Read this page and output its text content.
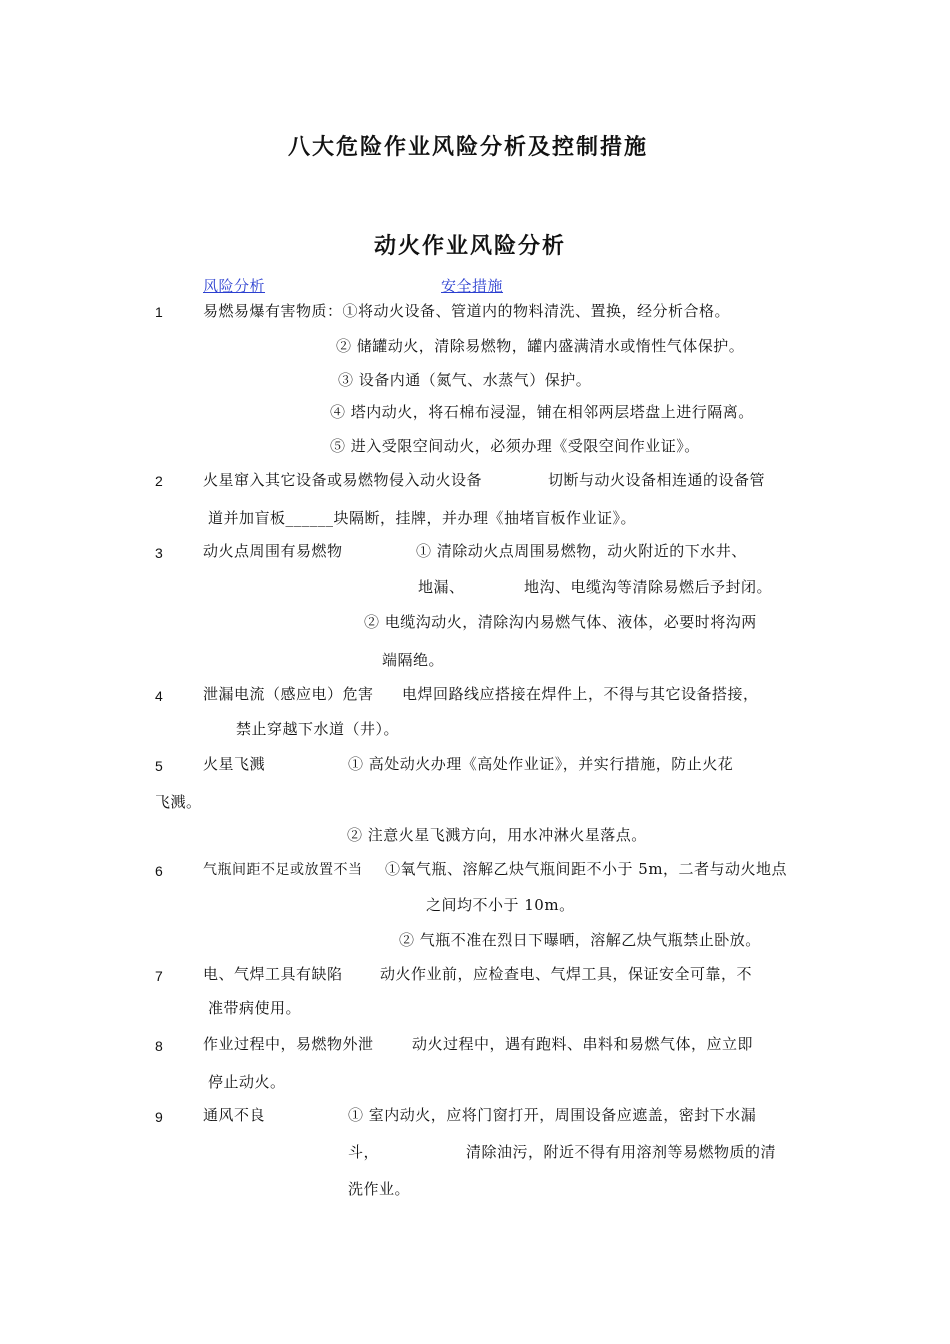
八大危险作业风险分析及控制措施
动火作业风险分析
风险分析	安全措施
1	易燃易爆有害物质：①将动火设备、管道内的物料清洗、置换，经分析合格。
② 储罐动火，清除易燃物，罐内盛满清水或惰性气体保护。
③ 设备内通（氮气、水蒸气）保护。
④ 塔内动火，将石棉布浸湿，铺在相邻两层塔盘上进行隔离。
⑤ 进入受限空间动火，必须办理《受限空间作业证》。
2	火星窜入其它设备或易燃物侵入动火设备	切断与动火设备相连通的设备管
道并加盲板______块隔断，挂牌，并办理《抽堵盲板作业证》。
3	动火点周围有易燃物	① 清除动火点周围易燃物，动火附近的下水井、
地漏、	地沟、电缆沟等清除易燃后予封闭。
② 电缆沟动火，清除沟内易燃气体、液体，必要时将沟两
端隔绝。
4	泄漏电流（感应电）危害 电焊回路线应搭接在焊件上，不得与其它设备搭接，
禁止穿越下水道（井）。
5	火星飞溅	① 高处动火办理《高处作业证》，并实行措施，防止火花
飞溅。
② 注意火星飞溅方向，用水冲淋火星落点。
6	气瓶间距不足或放置不当 ①氧气瓶、溶解乙炔气瓶间距不小于 5m，二者与动火地点
之间均不小于 10m。
② 气瓶不准在烈日下曝晒，溶解乙炔气瓶禁止卧放。
7	电、气焊工具有缺陷 动火作业前，应检查电、气焊工具，保证安全可靠，不
准带病使用。
8	作业过程中，易燃物外泄	动火过程中，遇有跑料、串料和易燃气体，应立即
停止动火。
9	通风不良	① 室内动火，应将门窗打开，周围设备应遮盖，密封下水漏
斗，	清除油污，附近不得有用溶剂等易燃物质的清
洗作业。
